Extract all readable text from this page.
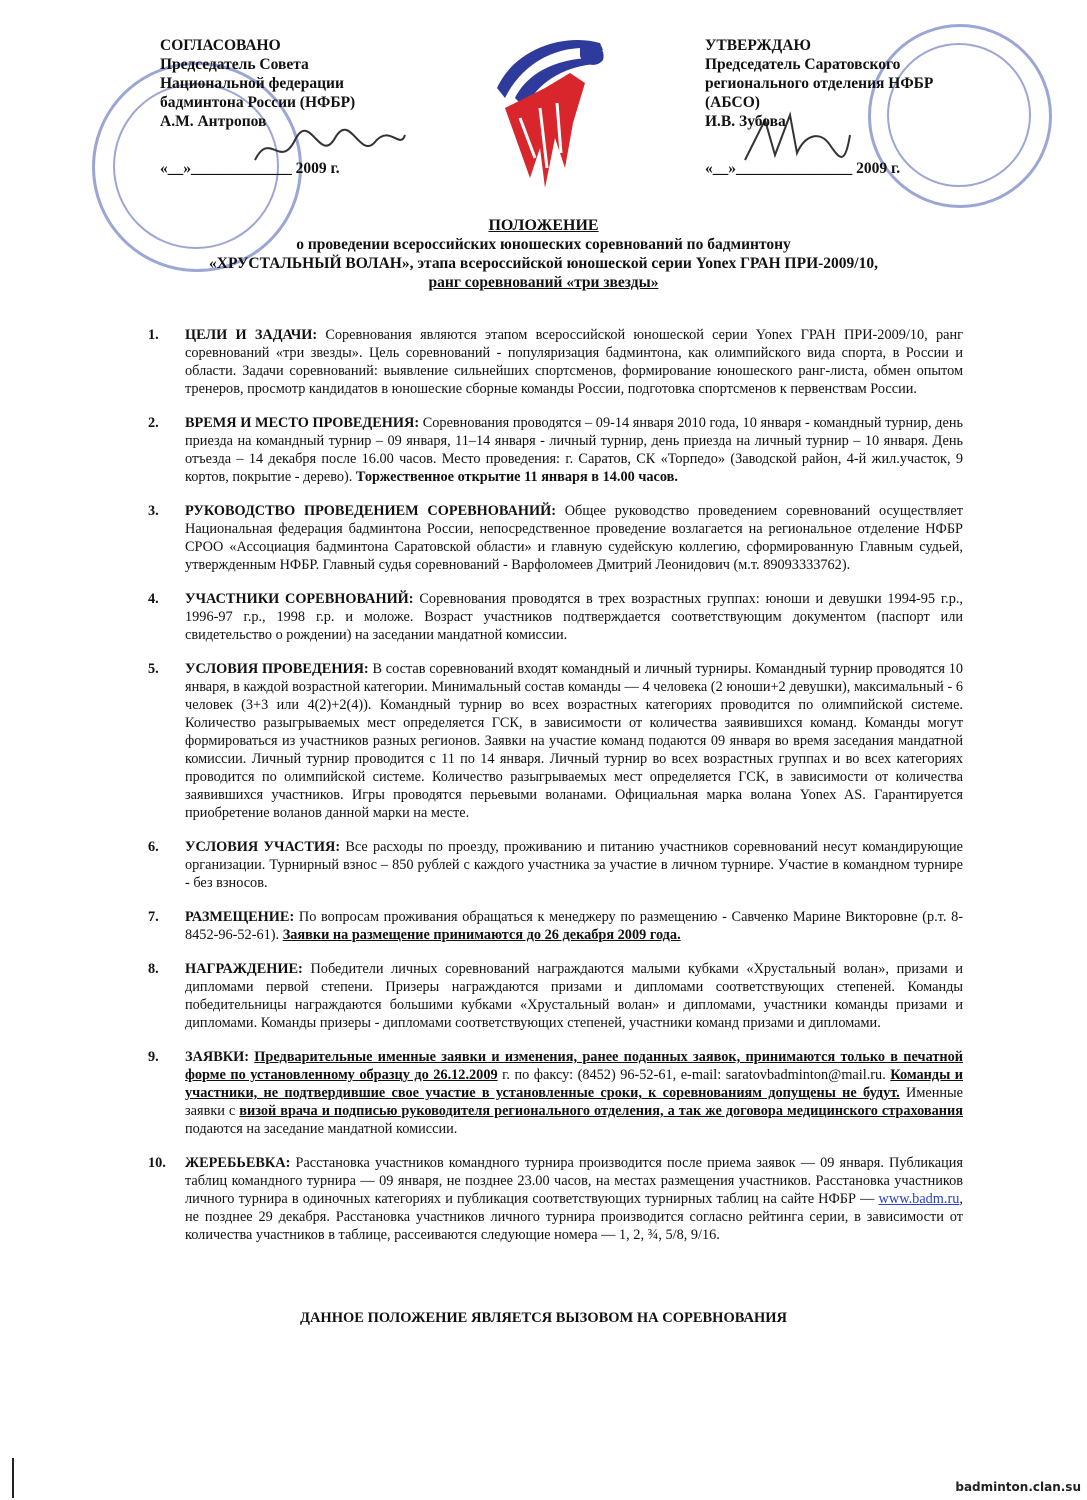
СОГЛАСОВАНО
Председатель Совета
Национальной федерации
бадминтона России (НФБР)
А.М. Антропов
«__»_____________ 2009 г.
УТВЕРЖДАЮ
Председатель Саратовского
регионального отделения НФБР
(АБСО)
И.В. Зубова
«__»_______________ 2009 г.
ПОЛОЖЕНИЕ
о проведении всероссийских юношеских соревнований по бадминтону
«ХРУСТАЛЬНЫЙ ВОЛАН», этапа всероссийской юношеской серии Yonex ГРАН ПРИ-2009/10,
ранг соревнований «три звезды»
1. ЦЕЛИ И ЗАДАЧИ: Соревнования являются этапом всероссийской юношеской серии Yonex ГРАН ПРИ-2009/10, ранг соревнований «три звезды». Цель соревнований - популяризация бадминтона, как олимпийского вида спорта, в России и области. Задачи соревнований: выявление сильнейших спортсменов, формирование юношеского ранг-листа, обмен опытом тренеров, просмотр кандидатов в юношеские сборные команды России, подготовка спортсменов к первенствам России.
2. ВРЕМЯ И МЕСТО ПРОВЕДЕНИЯ: Соревнования проводятся – 09-14 января 2010 года, 10 января - командный турнир, день приезда на командный турнир – 09 января, 11–14 января - личный турнир, день приезда на личный турнир – 10 января. День отъезда – 14 декабря после 16.00 часов. Место проведения: г. Саратов, СК «Торпедо» (Заводской район, 4-й жил.участок, 9 кортов, покрытие - дерево). Торжественное открытие 11 января в 14.00 часов.
3. РУКОВОДСТВО ПРОВЕДЕНИЕМ СОРЕВНОВАНИЙ: Общее руководство проведением соревнований осуществляет Национальная федерация бадминтона России, непосредственное проведение возлагается на региональное отделение НФБР СРОО «Ассоциация бадминтона Саратовской области» и главную судейскую коллегию, сформированную Главным судьей, утвержденным НФБР. Главный судья соревнований - Варфоломеев Дмитрий Леонидович (м.т. 89093333762).
4. УЧАСТНИКИ СОРЕВНОВАНИЙ: Соревнования проводятся в трех возрастных группах: юноши и девушки 1994-95 г.р., 1996-97 г.р., 1998 г.р. и моложе. Возраст участников подтверждается соответствующим документом (паспорт или свидетельство о рождении) на заседании мандатной комиссии.
5. УСЛОВИЯ ПРОВЕДЕНИЯ: В состав соревнований входят командный и личный турниры. Командный турнир проводятся 10 января, в каждой возрастной категории. Минимальный состав команды — 4 человека (2 юноши+2 девушки), максимальный - 6 человек (3+3 или 4(2)+2(4)). Командный турнир во всех возрастных категориях проводится по олимпийской системе. Количество разыгрываемых мест определяется ГСК, в зависимости от количества заявившихся команд. Команды могут формироваться из участников разных регионов. Заявки на участие команд подаются 09 января во время заседания мандатной комиссии. Личный турнир проводится с 11 по 14 января. Личный турнир во всех возрастных группах и во всех категориях проводится по олимпийской системе. Количество разыгрываемых мест определяется ГСК, в зависимости от количества заявившихся участников. Игры проводятся перьевыми воланами. Официальная марка волана Yonex AS. Гарантируется приобретение воланов данной марки на месте.
6. УСЛОВИЯ УЧАСТИЯ: Все расходы по проезду, проживанию и питанию участников соревнований несут командирующие организации. Турнирный взнос – 850 рублей с каждого участника за участие в личном турнире. Участие в командном турнире - без взносов.
7. РАЗМЕЩЕНИЕ: По вопросам проживания обращаться к менеджеру по размещению - Савченко Марине Викторовне (р.т. 8-8452-96-52-61). Заявки на размещение принимаются до 26 декабря 2009 года.
8. НАГРАЖДЕНИЕ: Победители личных соревнований награждаются малыми кубками «Хрустальный волан», призами и дипломами первой степени. Призеры награждаются призами и дипломами соответствующих степеней. Команды победительницы награждаются большими кубками «Хрустальный волан» и дипломами, участники команды призами и дипломами. Команды призеры - дипломами соответствующих степеней, участники команд призами и дипломами.
9. ЗАЯВКИ: Предварительные именные заявки и изменения, ранее поданных заявок, принимаются только в печатной форме по установленному образцу до 26.12.2009 г. по факсу: (8452) 96-52-61, e-mail: saratovbadminton@mail.ru. Команды и участники, не подтвердившие свое участие в установленные сроки, к соревнованиям допущены не будут. Именные заявки с визой врача и подписью руководителя регионального отделения, а так же договора медицинского страхования подаются на заседание мандатной комиссии.
10. ЖЕРЕБЬЕВКА: Расстановка участников командного турнира производится после приема заявок — 09 января. Публикация таблиц командного турнира — 09 января, не позднее 23.00 часов, на местах размещения участников. Расстановка участников личного турнира в одиночных категориях и публикация соответствующих турнирных таблиц на сайте НФБР — www.badm.ru, не позднее 29 декабря. Расстановка участников личного турнира производится согласно рейтинга серии, в зависимости от количества участников в таблице, рассеиваются следующие номера — 1, 2, ¾, 5/8, 9/16.
ДАННОЕ ПОЛОЖЕНИЕ ЯВЛЯЕТСЯ ВЫЗОВОМ НА СОРЕВНОВАНИЯ
badminton.clan.su
